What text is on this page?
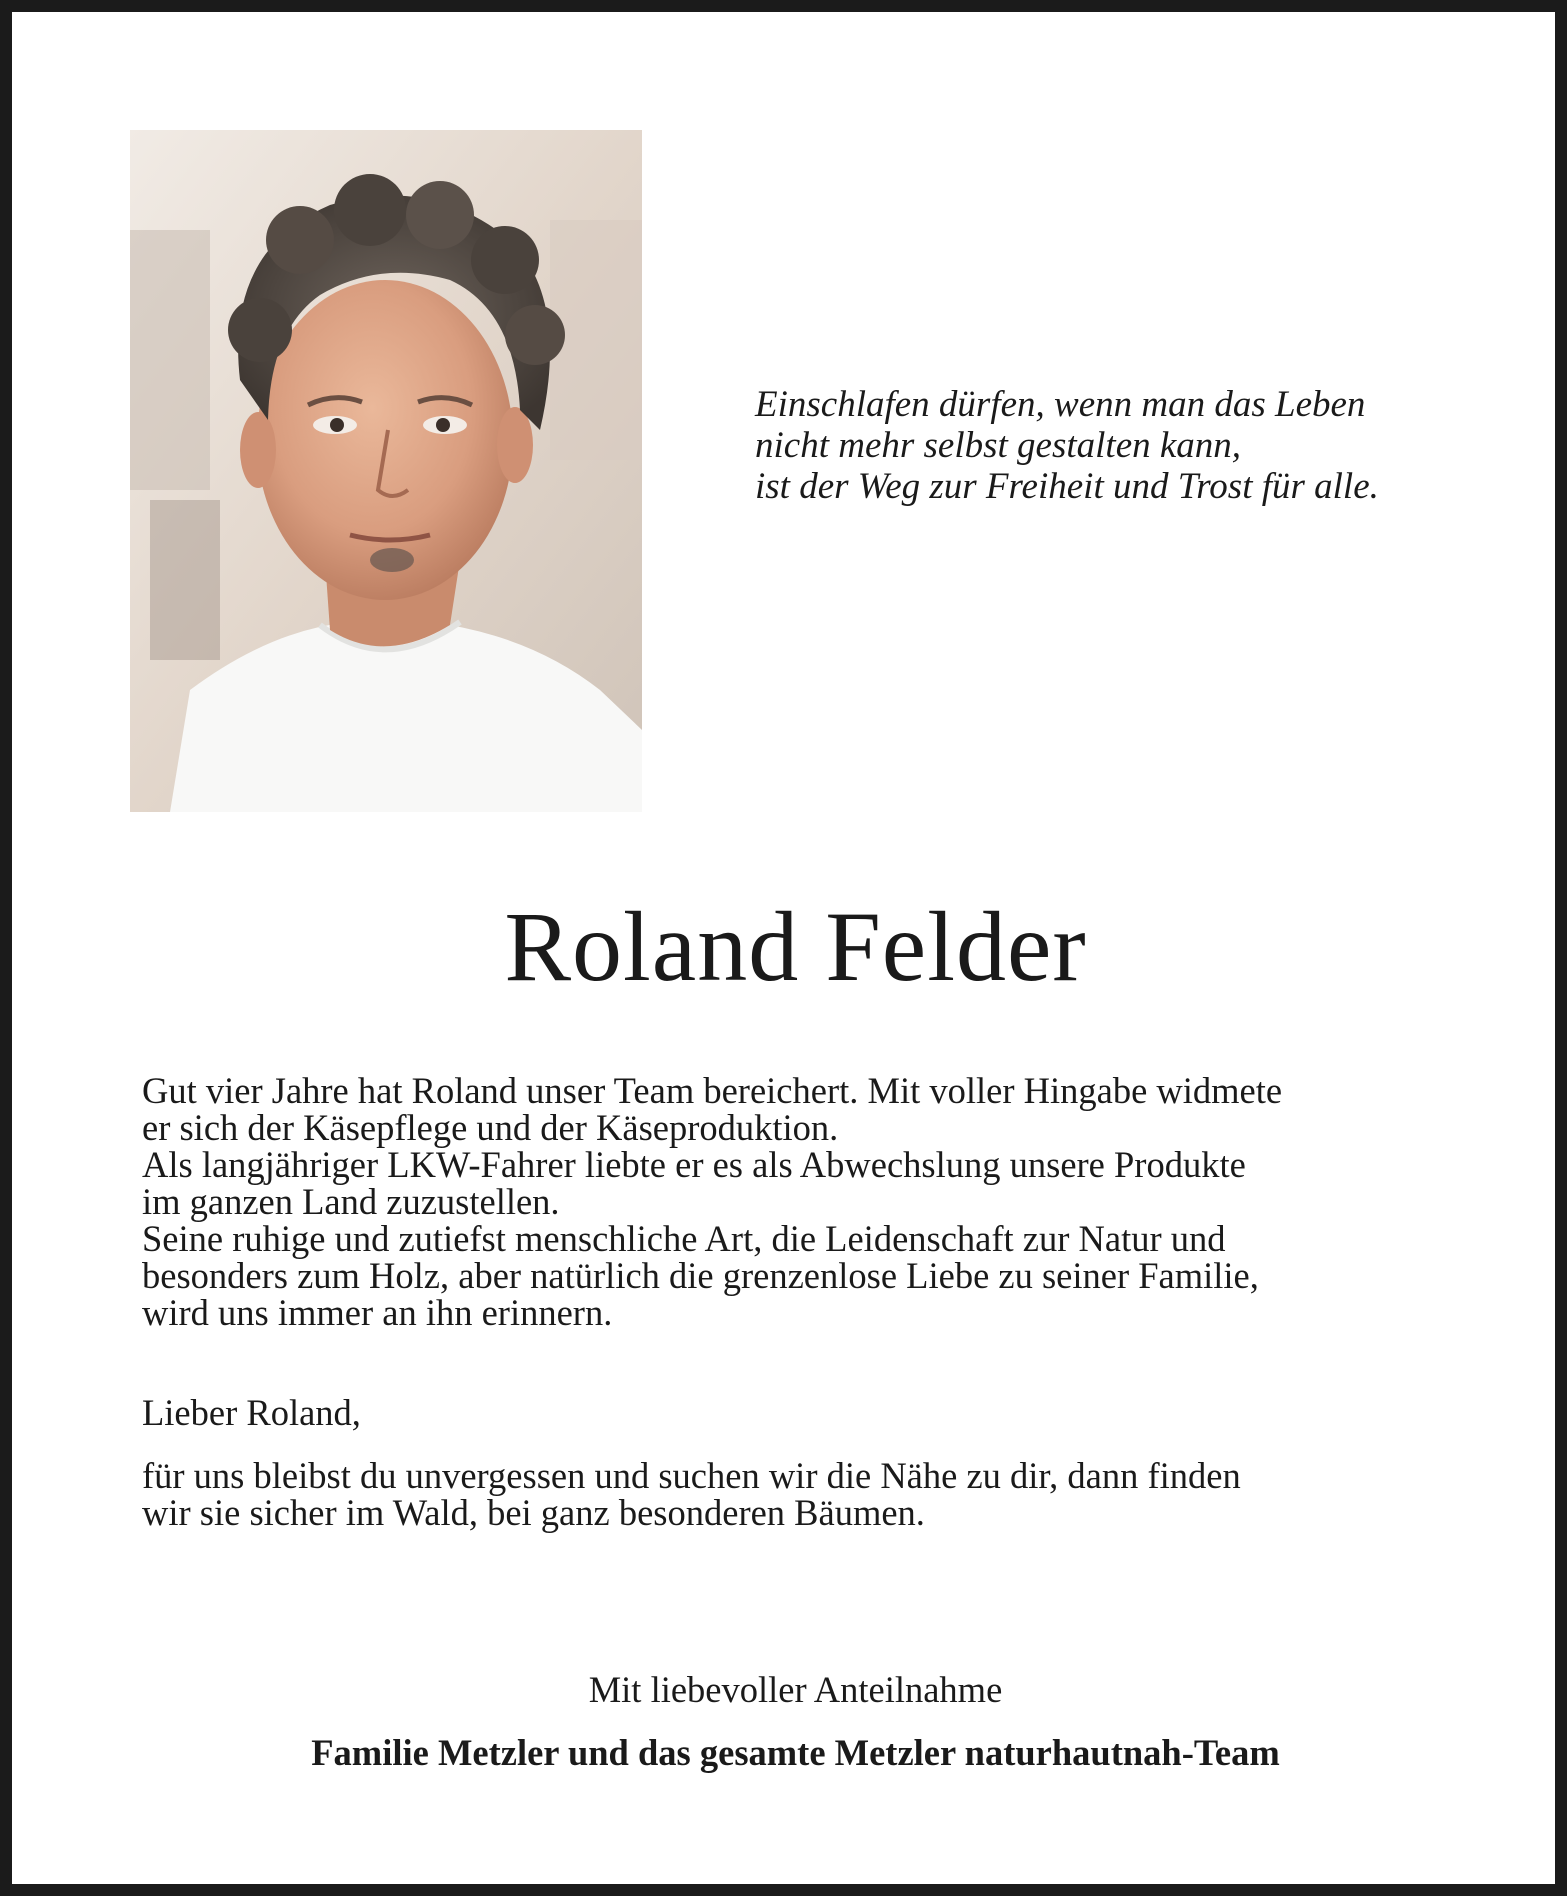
Einschlafen dürfen, wenn man das Leben
nicht mehr selbst gestalten kann,
ist der Weg zur Freiheit und Trost für alle.
Roland Felder
Gut vier Jahre hat Roland unser Team bereichert. Mit voller Hingabe widmete
er sich der Käsepflege und der Käseproduktion.
Als langjähriger LKW-Fahrer liebte er es als Abwechslung unsere Produkte
im ganzen Land zuzustellen.
Seine ruhige und zutiefst menschliche Art, die Leidenschaft zur Natur und
besonders zum Holz, aber natürlich die grenzenlose Liebe zu seiner Familie,
wird uns immer an ihn erinnern.
Lieber Roland,
für uns bleibst du unvergessen und suchen wir die Nähe zu dir, dann finden
wir sie sicher im Wald, bei ganz besonderen Bäumen.
Mit liebevoller Anteilnahme
Familie Metzler und das gesamte Metzler naturhautnah-Team
